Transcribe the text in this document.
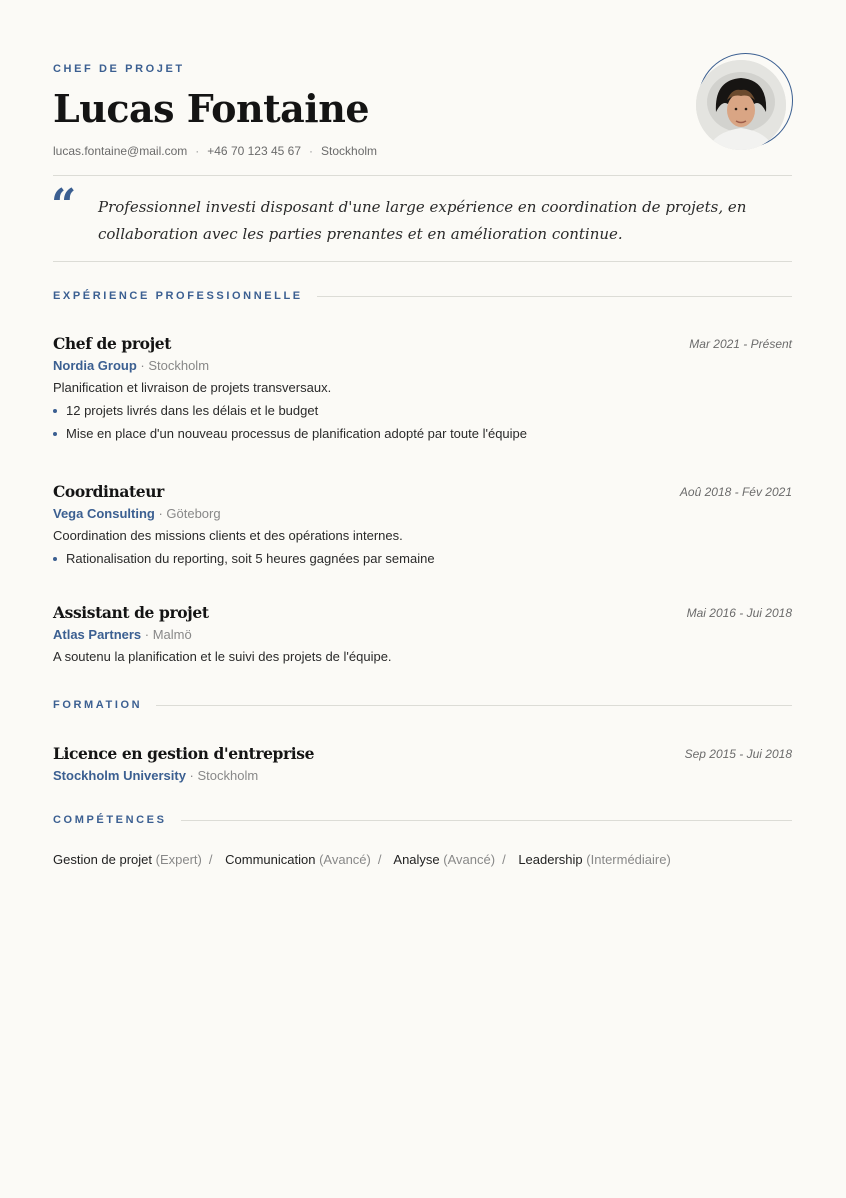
CHEF DE PROJET
Lucas Fontaine
lucas.fontaine@mail.com · +46 70 123 45 67 · Stockholm
“ Professionnel investi disposant d'une large expérience en coordination de projets, en collaboration avec les parties prenantes et en amélioration continue.
EXPÉRIENCE PROFESSIONNELLE
Chef de projet	Mar 2021 - Présent
Nordia Group · Stockholm
Planification et livraison de projets transversaux.
12 projets livrés dans les délais et le budget
Mise en place d'un nouveau processus de planification adopté par toute l'équipe
Coordinateur	Aoû 2018 - Fév 2021
Vega Consulting · Göteborg
Coordination des missions clients et des opérations internes.
Rationalisation du reporting, soit 5 heures gagnées par semaine
Assistant de projet	Mai 2016 - Jui 2018
Atlas Partners · Malmö
A soutenu la planification et le suivi des projets de l'équipe.
FORMATION
Licence en gestion d'entreprise	Sep 2015 - Jui 2018
Stockholm University · Stockholm
COMPÉTENCES
Gestion de projet (Expert) / Communication (Avancé) / Analyse (Avancé) / Leadership (Intermédiaire)
